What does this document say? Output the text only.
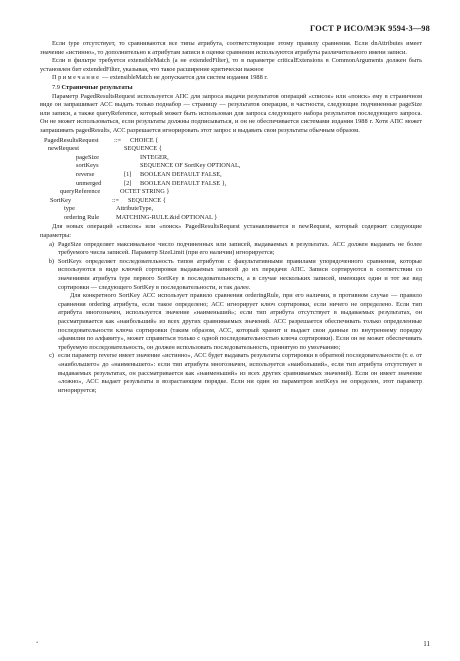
ГОСТ Р ИСО/МЭК 9594-3—98

Если type отсутствует, то сравниваются все типы атрибута, соответствующие этому правилу сравнения. Если dnAttributes имеет значение «истинно», то дополнительно к атрибутам записи в оценке сравнения используются атрибуты различительного имени записи.

Если в фильтре требуется extensibleMatch (а не extendedFilter), то в параметре criticalExtensions в CommonArguments должен быть установлен бит extendedFilter, указывая, что такое расширение критически важное

Примечание — extensibleMatch не допускается для систем издания 1988 г.

7.9 Страничные результаты

Параметр PagedResultsRequest используется АПС для запроса выдачи результатов операций «список» или «поиск» ему в страничном виде он запрашивает АСС выдать только поднабор — страницу — результатов операции, в частности, следующие подчиненные pageSize или записи, а также queryReference, который может быть использован для запроса следующего набора результатов последующего запроса. Он не может использоваться, если результаты должны подписываться, и он не обеспечивается системами издания 1988 г. Хотя АПС может запрашивать pagedResults, АСС разрешается игнорировать этот запрос и выдавать свои результаты обычным образом.

PagedResultsRequest	::=	CHOICE {
newRequest	SEQUENCE {
pageSize	INTEGER,
sortKeys	SEQUENCE OF SortKey OPTIONAL,
reverse	[1]	BOOLEAN DEFAULT FALSE,
unmerged	[2]	BOOLEAN DEFAULT FALSE },
queryReference	OCTET STRING }
SortKey	::=	SEQUENCE {
type	AttributeType,
ordering Rule	MATCHING-RULE.&id OPTIONAL }

Для новых операций «список» или «поиск» PagedResultsRequest устанавливается в newRequest, который содержит следующие параметры:

a) PageSize определяет максимальное число подчиненных или записей, выдаваемых в результатах. АСС должен выдавать не более требуемого числа записей. Параметр SizeLimit (при его наличии) игнорируется;
b) SortKeys определяет последовательность типов атрибутов с факультативными правилами упорядоченного сравнения, которые используются в виде ключей сортировки выдаваемых записей до их передачи АПС. Записи сортируются в соответствии со значениями атрибута type первого SortKey в последовательности, а в случае нескольких записей, имеющих один и тот же вид сортировки — следующего SortKey в последовательности, и так далее.
Для конкретного SortKey АСС использует правило сравнения orderingRule, при его наличии, в противном случае — правило сравнения ordering атрибута, если такое определено; АСС игнорирует ключ сортировки, если ничего не определено. Если тип атрибута многозначен, используется значение «наименьший»; если тип атрибута отсутствует в выдаваемых результатах, он рассматривается как «наибольший» из всех других сравниваемых значений. АСС разрешается обеспечивать только определенные последовательности ключа сортировки (таким образом, АСС, который хранит и выдает свои данные по внутреннему порядку «фамилия по алфавиту», может справиться только с одной последовательностью ключа сортировки). Если он не может обеспечивать требуемую последовательность, он должен использовать последовательность, принятую по умолчанию;
с) если параметр reverse имеет значение «истинно», АСС будет выдавать результаты сортировки в обратной последовательности (т. е. от «наибольшего» до «наименьшего»: если тип атрибута многозначен, используется «наибольший», если тип атрибута отсутствует в выдаваемых результатах, он рассматривается как «наименьший» из всех других сравниваемых значений). Если он имеет значение «ложно», АСС выдает результаты в возрастающем порядке. Если ни один из параметров sortKeys не определен, этот параметр игнорируется;
ʻ	11
